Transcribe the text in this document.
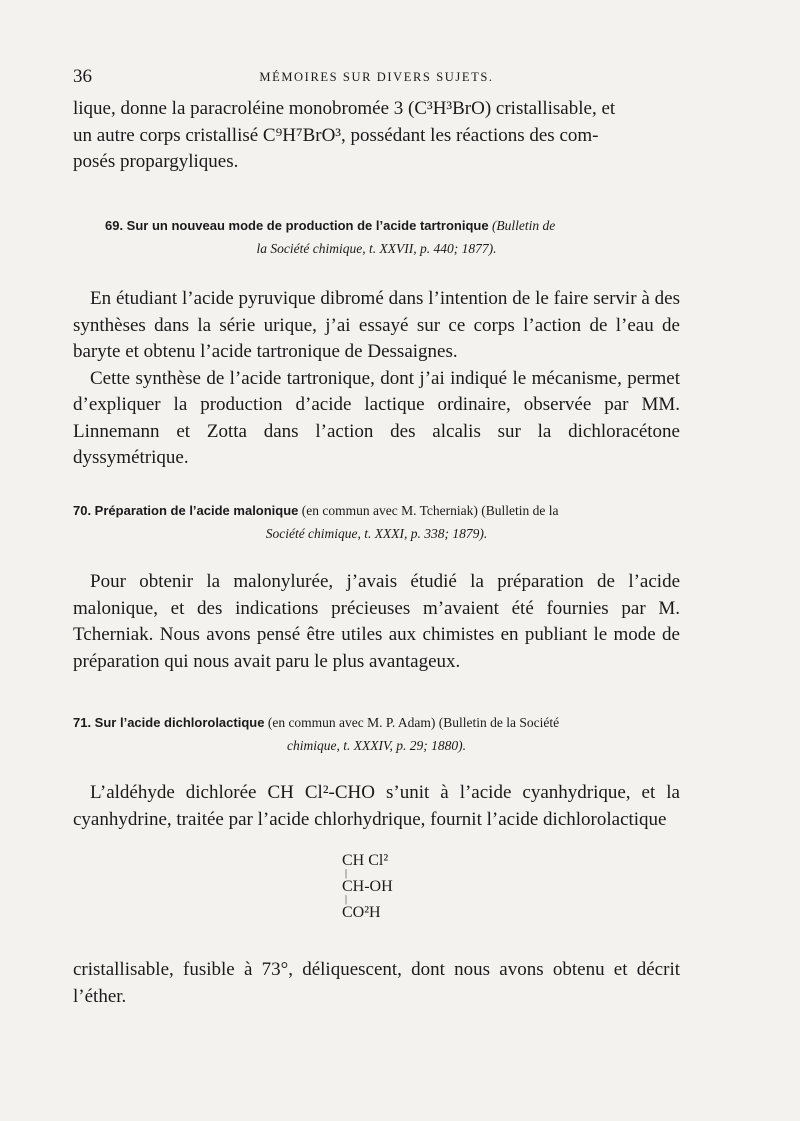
36	MÉMOIRES SUR DIVERS SUJETS.

lique, donne la paracroléine monobromée 3 (C³H³BrO) cristallisable, et

un autre corps cristallisé C⁹H⁷BrO³, possédant les réactions des com-

posés propargyliques.

69. Sur un nouveau mode de production de l’acide tartronique (Bulletin de
la Société chimique, t. XXVII, p. 440; 1877).

En étudiant l’acide pyruvique dibromé dans l’intention de le faire servir à des synthèses dans la série urique, j’ai essayé sur ce corps l’action de l’eau de baryte et obtenu l’acide tartronique de Dessaignes.

Cette synthèse de l’acide tartronique, dont j’ai indiqué le mécanisme, permet d’expliquer la production d’acide lactique ordinaire, observée par MM. Linnemann et Zotta dans l’action des alcalis sur la dichloracétone dyssymétrique.

70. Préparation de l’acide malonique (en commun avec M. Tcherniak) (Bulletin de la
Société chimique, t. XXXI, p. 338; 1879).

Pour obtenir la malonylurée, j’avais étudié la préparation de l’acide malonique, et des indications précieuses m’avaient été fournies par M. Tcherniak. Nous avons pensé être utiles aux chimistes en publiant le mode de préparation qui nous avait paru le plus avantageux.

71. Sur l’acide dichlorolactique (en commun avec M. P. Adam) (Bulletin de la Société
chimique, t. XXXIV, p. 29; 1880).

L’aldéhyde dichlorée CH Cl²-CHO s’unit à l’acide cyanhydrique, et la cyanhydrine, traitée par l’acide chlorhydrique, fournit l’acide dichlorolactique

CH Cl²
|
CH-OH
|
CO²H

cristallisable, fusible à 73°, déliquescent, dont nous avons obtenu et décrit l’éther.
